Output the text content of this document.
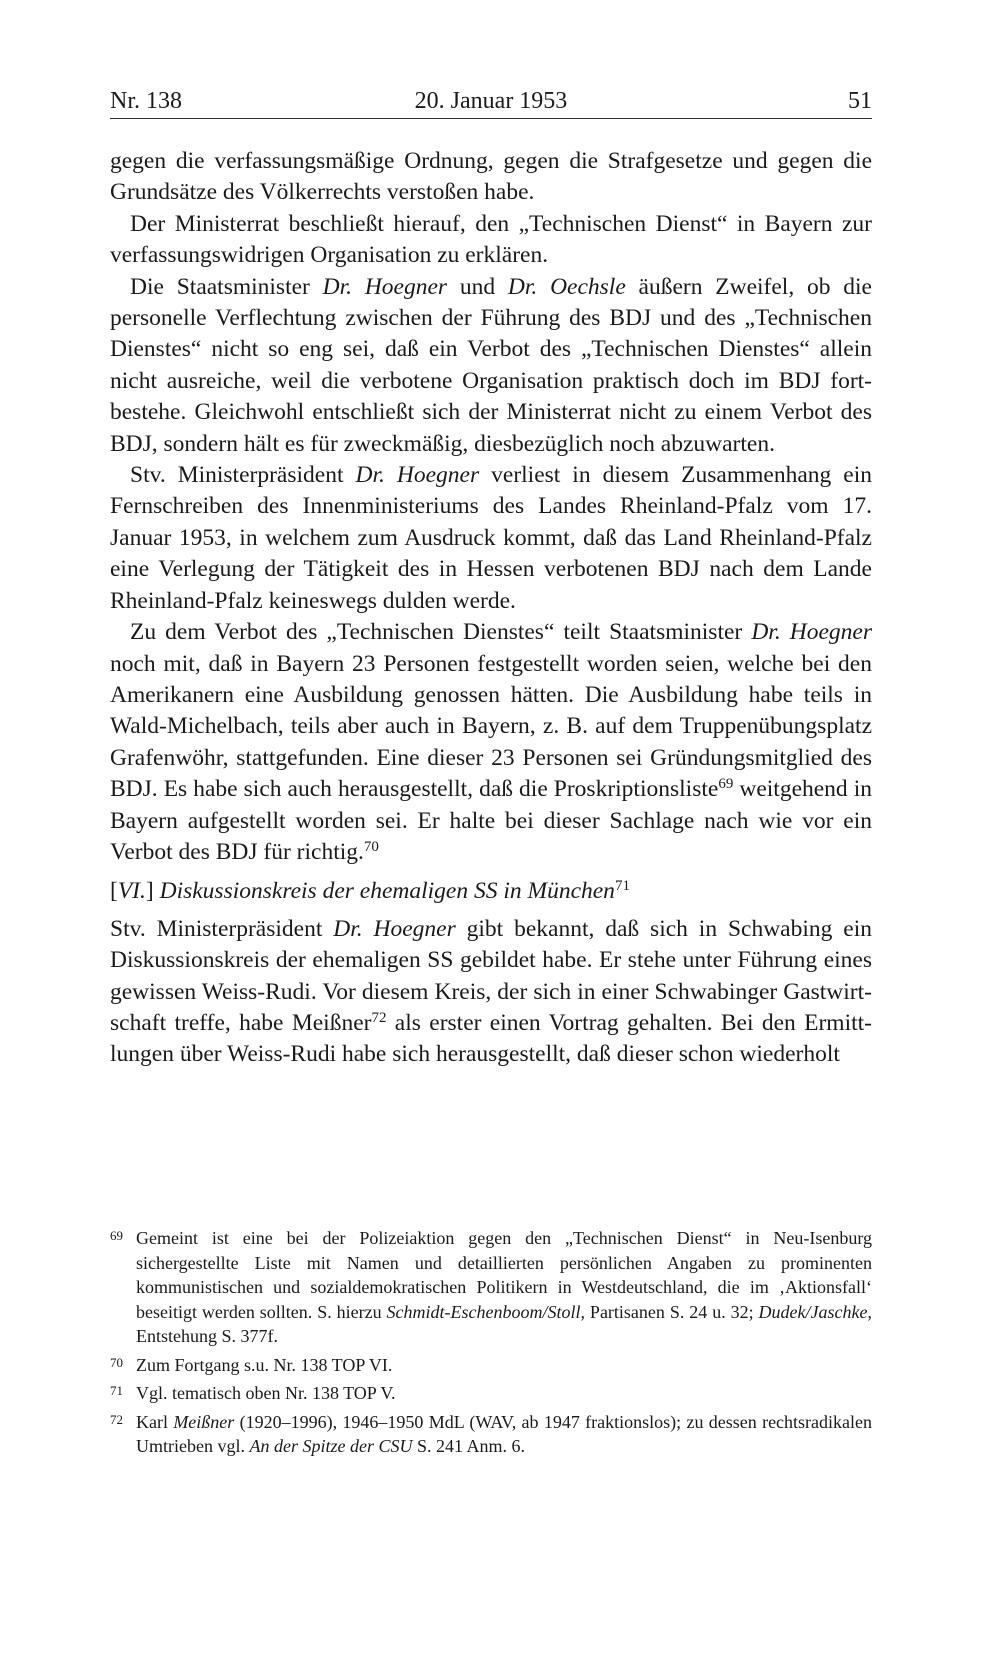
Nr. 138	20. Januar 1953	51

gegen die verfassungsmäßige Ordnung, gegen die Strafgesetze und gegen die Grundsätze des Völkerrechts verstoßen habe.

Der Ministerrat beschließt hierauf, den „Technischen Dienst“ in Bayern zur verfassungswidrigen Organisation zu erklären.

Die Staatsminister Dr. Hoegner und Dr. Oechsle äußern Zweifel, ob die personelle Verflechtung zwischen der Führung des BDJ und des „Technischen Dienstes“ nicht so eng sei, daß ein Verbot des „Technischen Dienstes“ allein nicht ausreiche, weil die verbotene Organisation praktisch doch im BDJ fortbestehe. Gleichwohl entschließt sich der Ministerrat nicht zu einem Verbot des BDJ, sondern hält es für zweckmäßig, diesbezüglich noch abzuwarten.

Stv. Ministerpräsident Dr. Hoegner verliest in diesem Zusammenhang ein Fernschreiben des Innenministeriums des Landes Rheinland-Pfalz vom 17. Januar 1953, in welchem zum Ausdruck kommt, daß das Land Rheinland-Pfalz eine Verlegung der Tätigkeit des in Hessen verbotenen BDJ nach dem Lande Rheinland-Pfalz keineswegs dulden werde.

Zu dem Verbot des „Technischen Dienstes“ teilt Staatsminister Dr. Hoegner noch mit, daß in Bayern 23 Personen festgestellt worden seien, welche bei den Amerikanern eine Ausbildung genossen hätten. Die Ausbildung habe teils in Wald-Michelbach, teils aber auch in Bayern, z. B. auf dem Truppenübungsplatz Grafenwöhr, stattgefunden. Eine dieser 23 Personen sei Gründungsmitglied des BDJ. Es habe sich auch herausgestellt, daß die Proskriptionsliste$^{69}$ weitgehend in Bayern aufgestellt worden sei. Er halte bei dieser Sachlage nach wie vor ein Verbot des BDJ für richtig.$^{70}$

[VI.] Diskussionskreis der ehemaligen SS in München$^{71}$

Stv. Ministerpräsident Dr. Hoegner gibt bekannt, daß sich in Schwabing ein Diskussionskreis der ehemaligen SS gebildet habe. Er stehe unter Führung eines gewissen Weiss-Rudi. Vor diesem Kreis, der sich in einer Schwabinger Gastwirtschaft treffe, habe Meißner$^{72}$ als erster einen Vortrag gehalten. Bei den Ermittlungen über Weiss-Rudi habe sich herausgestellt, daß dieser schon wiederholt

69 Gemeint ist eine bei der Polizeiaktion gegen den „Technischen Dienst“ in Neu-Isenburg sichergestellte Liste mit Namen und detaillierten persönlichen Angaben zu prominenten kommunistischen und sozialdemokratischen Politikern in Westdeutschland, die im ‚Aktionsfall‘ beseitigt werden sollten. S. hierzu Schmidt-Eschenboom/Stoll, Partisanen S. 24 u. 32; Dudek/Jaschke, Entstehung S. 377f.
70 Zum Fortgang s.u. Nr. 138 TOP VI.
71 Vgl. tematisch oben Nr. 138 TOP V.
72 Karl Meißner (1920–1996), 1946–1950 MdL (WAV, ab 1947 fraktionslos); zu dessen rechtsradikalen Umtrieben vgl. An der Spitze der CSU S. 241 Anm. 6.
